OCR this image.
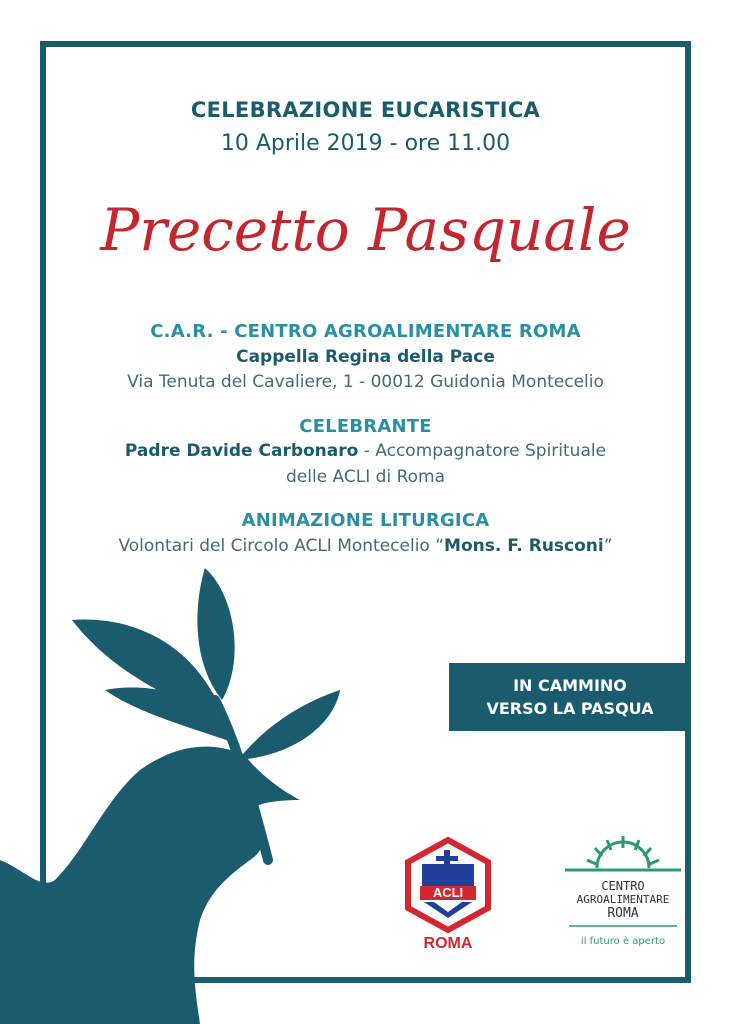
CELEBRAZIONE EUCARISTICA
10 Aprile 2019 - ore 11.00
Precetto Pasquale
C.A.R. - CENTRO AGROALIMENTARE ROMA
Cappella Regina della Pace
Via Tenuta del Cavaliere, 1 - 00012 Guidonia Montecelio
CELEBRANTE
Padre Davide Carbonaro - Accompagnatore Spirituale
delle ACLI di Roma
ANIMAZIONE LITURGICA
Volontari del Circolo ACLI Montecelio “Mons. F. Rusconi”
IN CAMMINO
VERSO LA PASQUA
ACLI
ROMA
CENTRO
AGROALIMENTARE
ROMA
il futuro è aperto
